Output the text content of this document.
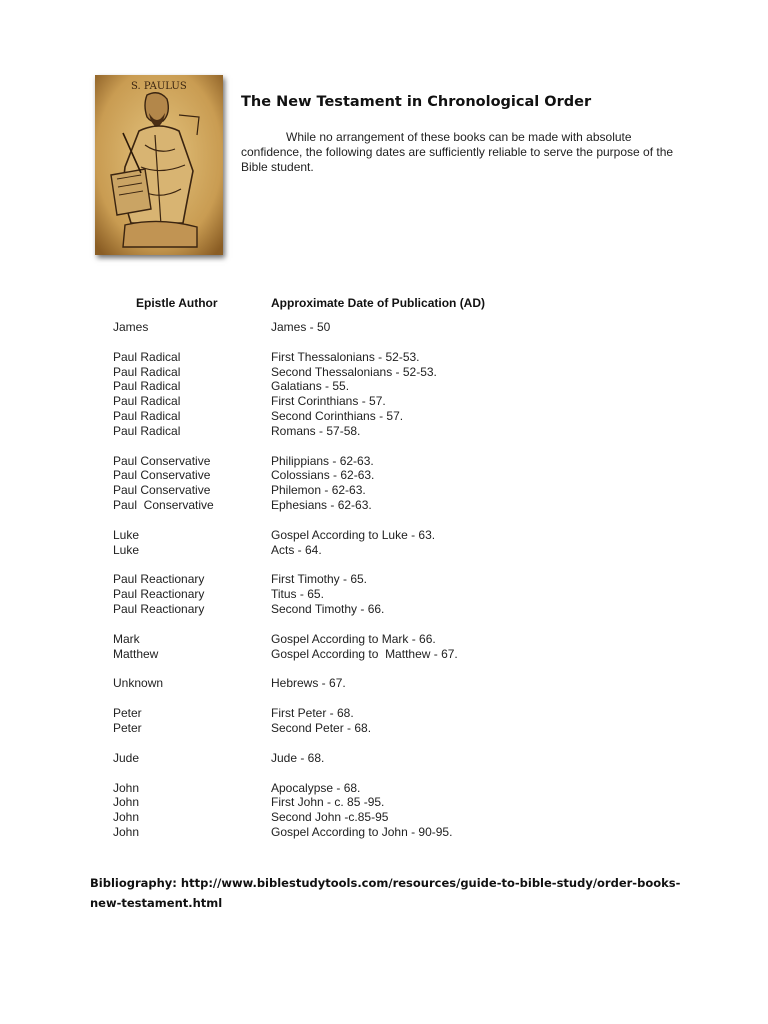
S. PAULUS
The New Testament in Chronological Order
While no arrangement of these books can be made with absolute confidence, the following dates are sufficiently reliable to serve the purpose of the Bible student.
Epistle Author	Approximate Date of Publication (AD)
James	James - 50
Paul Radical	First Thessalonians - 52-53.
Paul Radical	Second Thessalonians - 52-53.
Paul Radical	Galatians - 55.
Paul Radical	First Corinthians - 57.
Paul Radical	Second Corinthians - 57.
Paul Radical	Romans - 57-58.
Paul Conservative	Philippians - 62-63.
Paul Conservative	Colossians - 62-63.
Paul Conservative	Philemon - 62-63.
Paul  Conservative	Ephesians - 62-63.
Luke	Gospel According to Luke - 63.
Luke	Acts - 64.
Paul Reactionary	First Timothy - 65.
Paul Reactionary	Titus - 65.
Paul Reactionary	Second Timothy - 66.
Mark	Gospel According to Mark - 66.
Matthew	Gospel According to  Matthew - 67.
Unknown	Hebrews - 67.
Peter	First Peter - 68.
Peter	Second Peter - 68.
Jude	Jude - 68.
John	Apocalypse - 68.
John	First John - c. 85 -95.
John	Second John -c.85-95
John	Gospel According to John - 90-95.
Bibliography: http://www.biblestudytools.com/resources/guide-to-bible-study/order-books-new-testament.html
